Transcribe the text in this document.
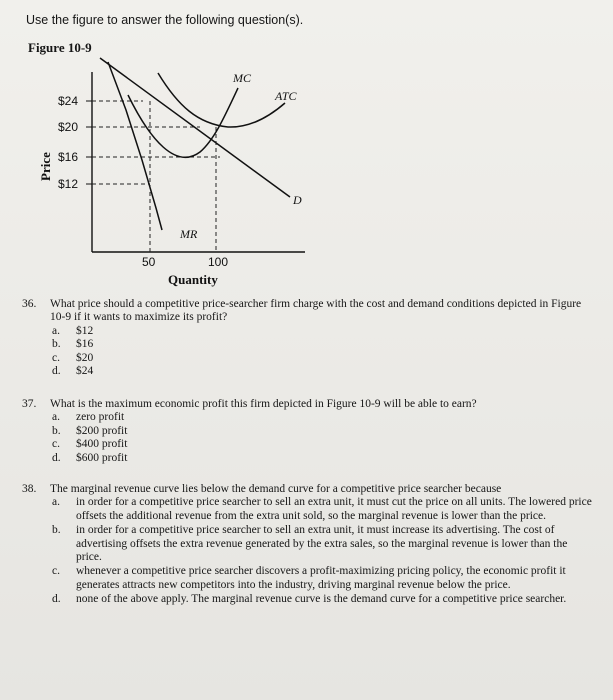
Use the figure to answer the following question(s).
Figure 10-9
$24
$20
$16
$12
50	100
Price
Quantity
MC
ATC
D
MR
36. What price should a competitive price-searcher firm charge with the cost and demand conditions depicted in Figure 10-9 if it wants to maximize its profit?
a. $12
b. $16
c. $20
d. $24
37. What is the maximum economic profit this firm depicted in Figure 10-9 will be able to earn?
a. zero profit
b. $200 profit
c. $400 profit
d. $600 profit
38. The marginal revenue curve lies below the demand curve for a competitive price searcher because
a. in order for a competitive price searcher to sell an extra unit, it must cut the price on all units. The lowered price offsets the additional revenue from the extra unit sold, so the marginal revenue is lower than the price.
b. in order for a competitive price searcher to sell an extra unit, it must increase its advertising. The cost of advertising offsets the extra revenue generated by the extra sales, so the marginal revenue is lower than the price.
c. whenever a competitive price searcher discovers a profit-maximizing pricing policy, the economic profit it generates attracts new competitors into the industry, driving marginal revenue below the price.
d. none of the above apply. The marginal revenue curve is the demand curve for a competitive price searcher.
